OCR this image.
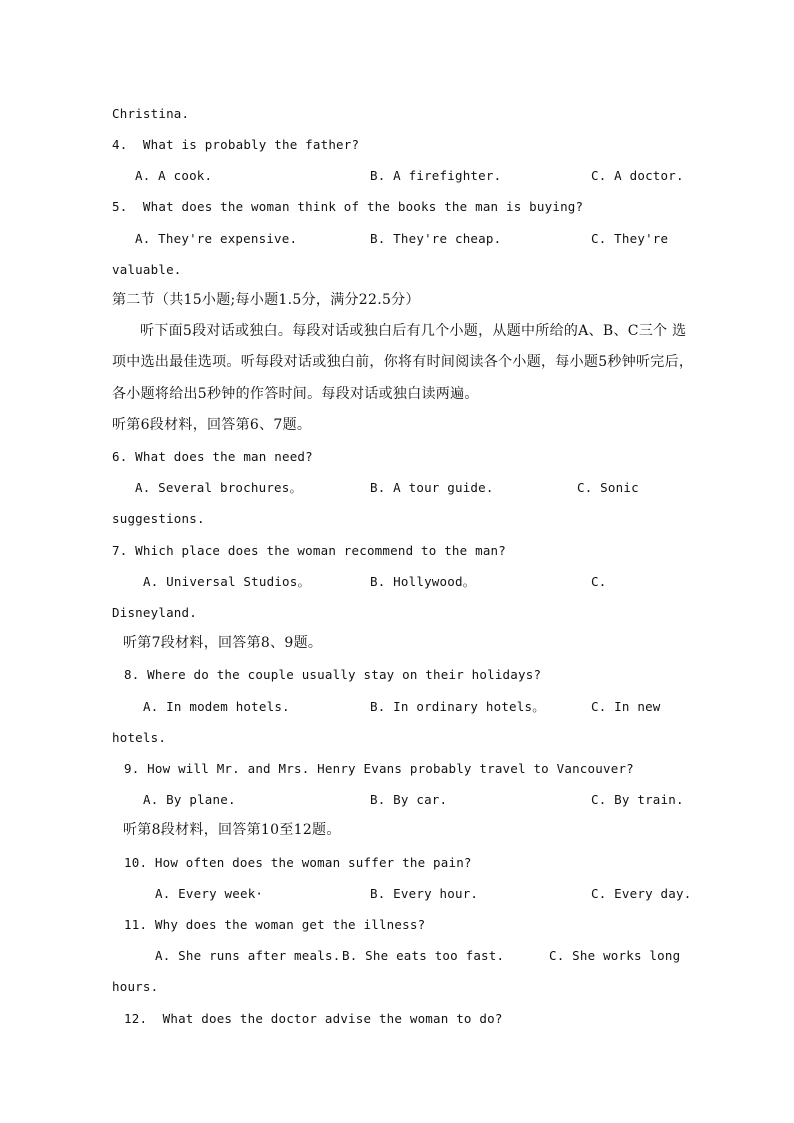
Christina.
4.  What is probably the father?
A. A cook.	B. A firefighter.	C. A doctor.
5.  What does the woman think of the books the man is buying?
A. They're expensive.	B. They're cheap.	C. They're
valuable.
第二节（共15小题;每小题1.5分，满分22.5分）
听下面5段对话或独白。每段对话或独白后有几个小题，从题中所给的A、B、C三个 选
项中选出最佳选项。听每段对话或独白前，你将有时间阅读各个小题，每小题5秒钟听完后，
各小题将给出5秒钟的作答时间。每段对话或独白读两遍。
听第6段材料，回答第6、7题。
6. What does the man need?
A. Several brochures。	B. A tour guide.	C. Sonic
suggestions.
7. Which place does the woman recommend to the man?
A. Universal Studios。	B. Hollywood。	C.
Disneyland.
听第7段材料，回答第8、9题。
8. Where do the couple usually stay on their holidays?
A. In modem hotels.	B. In ordinary hotels。	C. In new
hotels.
9. How will Mr. and Mrs. Henry Evans probably travel to Vancouver?
A. By plane.	B. By car.	C. By train.
听第8段材料，回答第10至12题。
10. How often does the woman suffer the pain?
A. Every week·	B. Every hour.	C. Every day.
11. Why does the woman get the illness?
A. She runs after meals. B. She eats too fast.	C. She works long
hours.
12.  What does the doctor advise the woman to do?
